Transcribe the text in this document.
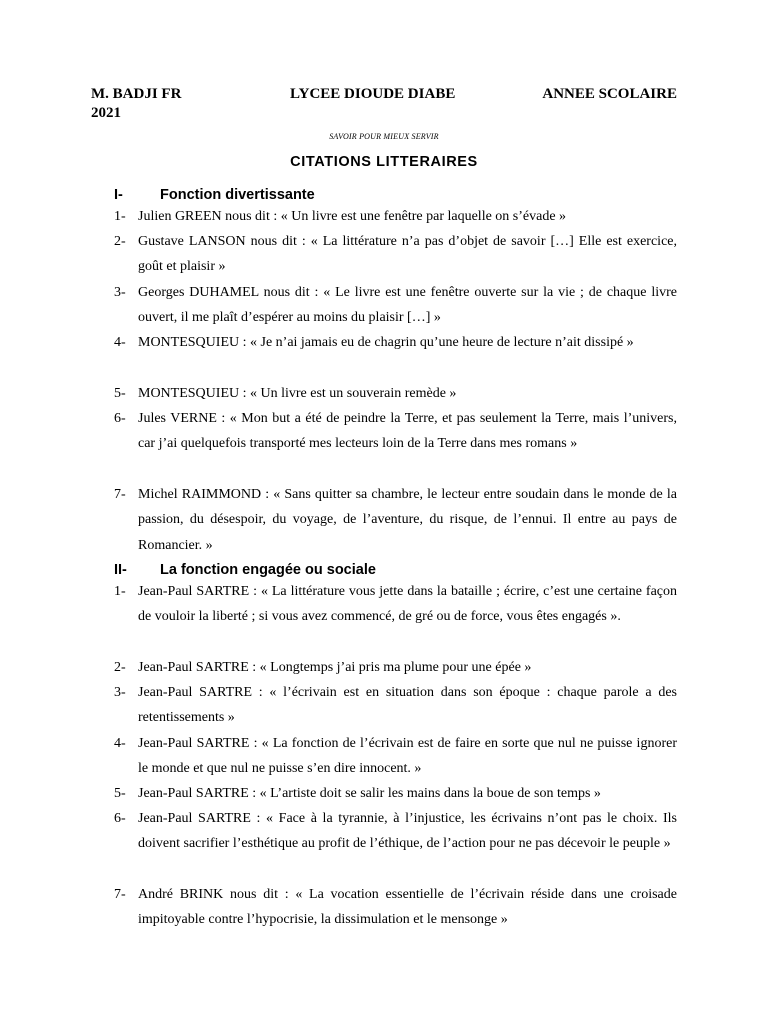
M. BADJI FR	LYCEE DIOUDE DIABE	ANNEE SCOLAIRE
2021
SAVOIR POUR MIEUX SERVIR
CITATIONS LITTERAIRES
I-	Fonction divertissante
1- Julien GREEN nous dit : « Un livre est une fenêtre par laquelle on s’évade »
2- Gustave LANSON nous dit : « La littérature n’a pas d’objet de savoir […] Elle est exercice, goût et plaisir »
3- Georges DUHAMEL nous dit : « Le livre est une fenêtre ouverte sur la vie ; de chaque livre ouvert, il me plaît d’espérer au moins du plaisir […] »
4- MONTESQUIEU : « Je n’ai jamais eu de chagrin qu’une heure de lecture n’ait dissipé »
5- MONTESQUIEU : « Un livre est un souverain remède »
6- Jules VERNE : « Mon but a été de peindre la Terre, et pas seulement la Terre, mais l’univers, car j’ai quelquefois transporté mes lecteurs loin de la Terre dans mes romans »
7- Michel RAIMMOND : « Sans quitter sa chambre, le lecteur entre soudain dans le monde de la passion, du désespoir, du voyage, de l’aventure, du risque, de l’ennui. Il entre au pays de Romancier. »
II- La fonction engagée ou sociale
1- Jean-Paul SARTRE : « La littérature vous jette dans la bataille ; écrire, c’est une certaine façon de vouloir la liberté ; si vous avez commencé, de gré ou de force, vous êtes engagés ».
2- Jean-Paul SARTRE : « Longtemps j’ai pris ma plume pour une épée »
3- Jean-Paul SARTRE : « l’écrivain est en situation dans son époque : chaque parole a des retentissements »
4- Jean-Paul SARTRE : « La fonction de l’écrivain est de faire en sorte que nul ne puisse ignorer le monde et que nul ne puisse s’en dire innocent. »
5- Jean-Paul SARTRE : « L’artiste doit se salir les mains dans la boue de son temps »
6- Jean-Paul SARTRE : « Face à la tyrannie, à l’injustice, les écrivains n’ont pas le choix. Ils doivent sacrifier l’esthétique au profit de l’éthique, de l’action pour ne pas décevoir le peuple »
7- André BRINK nous dit : « La vocation essentielle de l’écrivain réside dans une croisade impitoyable contre l’hypocrisie, la dissimulation et le mensonge »
